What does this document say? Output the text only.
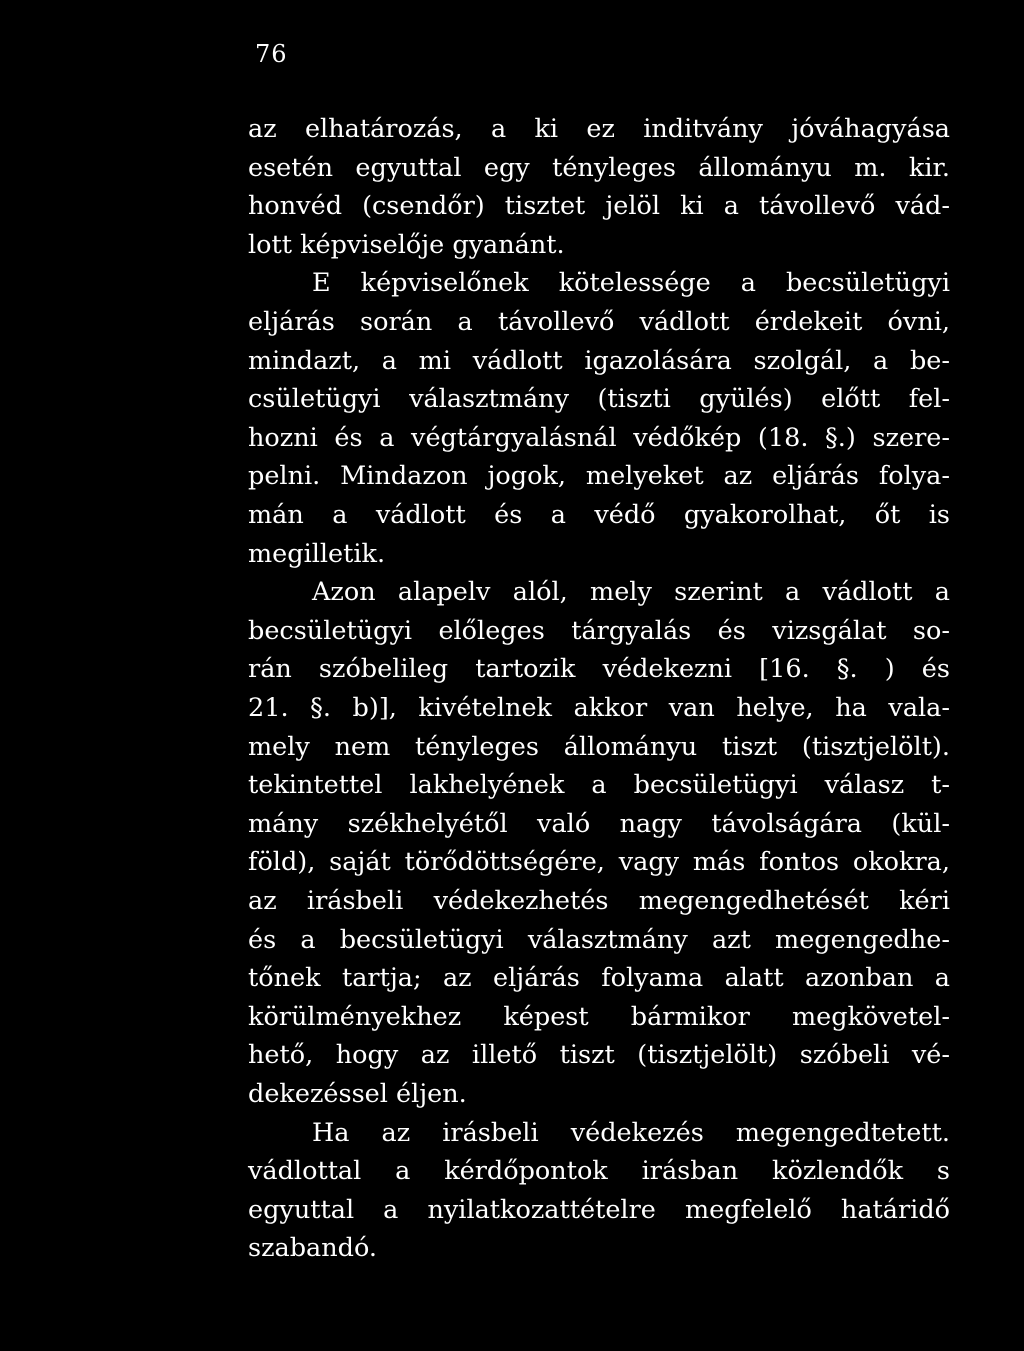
76
az elhatározás, a ki ez inditvány jóváhagyása
esetén egyuttal egy tényleges állományu m. kir.
honvéd (csendőr) tisztet jelöl ki a távollevő vád-
lott képviselője gyanánt.
E képviselőnek kötelessége a becsületügyi
eljárás során a távollevő vádlott érdekeit óvni,
mindazt, a mi vádlott igazolására szolgál, a be-
csületügyi választmány (tiszti gyülés) előtt fel-
hozni és a végtárgyalásnál védőkép (18. §.) szere-
pelni. Mindazon jogok, melyeket az eljárás folya-
mán a vádlott és a védő gyakorolhat, őt is
megilletik.
Azon alapelv alól, mely szerint a vádlott a
becsületügyi előleges tárgyalás és vizsgálat so-
rán szóbelileg tartozik védekezni [16. §. ) és
21. §. b)], kivételnek akkor van helye, ha vala-
mely nem tényleges állományu tiszt (tisztjelölt).
tekintettel lakhelyének a becsületügyi válasz t-
mány székhelyétől való nagy távolságára (kül-
föld), saját törődöttségére, vagy más fontos okokra,
az irásbeli védekezhetés megengedhetését kéri
és a becsületügyi választmány azt megengedhe-
tőnek tartja; az eljárás folyama alatt azonban a
körülményekhez képest bármikor megkövetel-
hető, hogy az illető tiszt (tisztjelölt) szóbeli vé-
dekezéssel éljen.
Ha az irásbeli védekezés megengedtetett.
vádlottal a kérdőpontok irásban közlendők s
egyuttal a nyilatkozattételre megfelelő határidő
szabandó.
